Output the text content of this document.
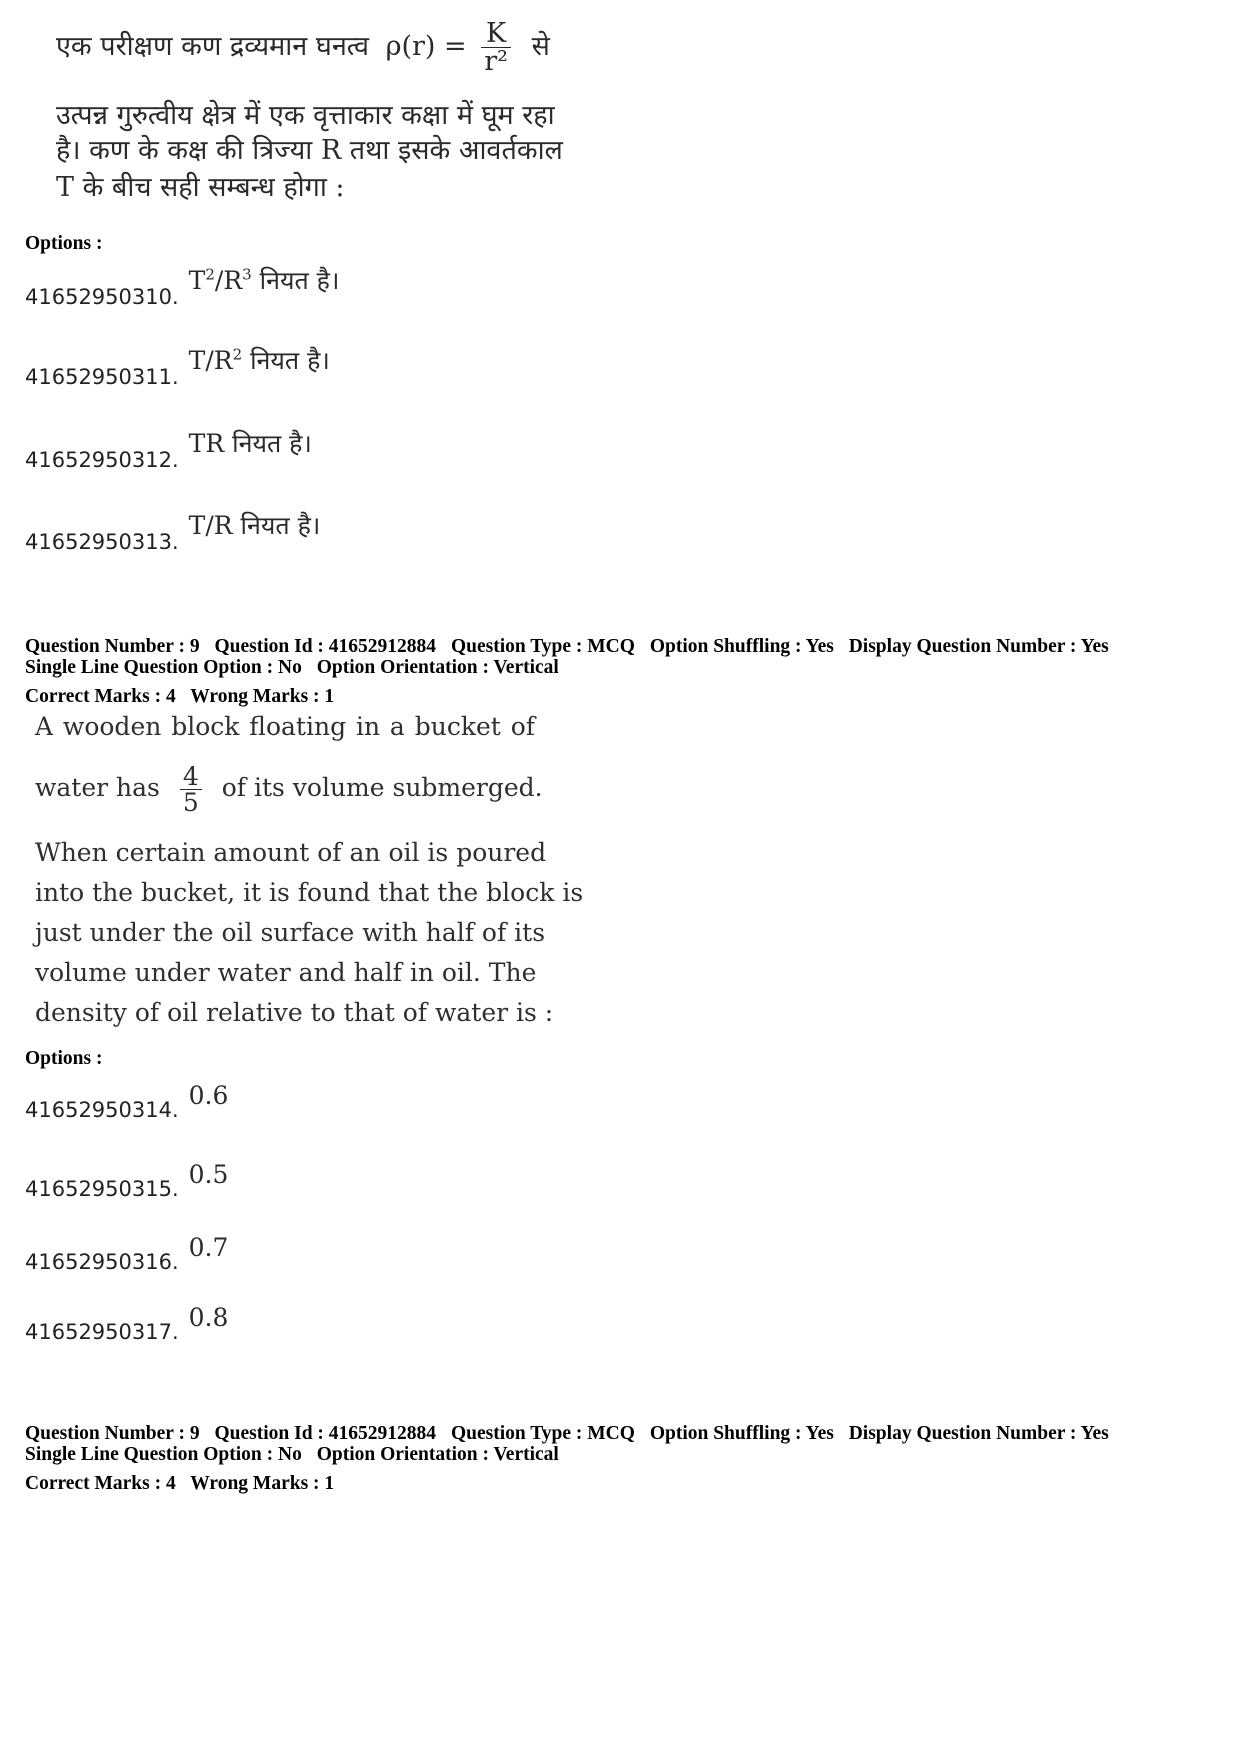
एक परीक्षण कण द्रव्यमान घनत्व $\rho(r) = \frac{K}{\text{r²}}$ से
उत्पन्न गुरुत्वीय क्षेत्र में एक वृत्ताकार कक्षा में घूम रहा
है। कण के कक्ष की त्रिज्या R तथा इसके आवर्तकाल
T के बीच सही सम्बन्ध होगा :
Options :
$41652950310.T^2/R^3$ नियत है।
$41652950311.T/R^2$ नियत है।
41652950312.TR नियत है।
41652950313.T/R नियत है।
Question Number : 9 Question Id : 41652912884 Question Type : MCQ Option Shuffling : Yes Display Question Number : Yes
Single Line Question Option : No Option Orientation : Vertical
Correct Marks : 4 Wrong Marks : 1
A wooden block floating in a bucket of
water has $\frac{4}{5}$ of its volume submerged.
When certain amount of an oil is poured
into the bucket, it is found that the block is
just under the oil surface with half of its
volume under water and half in oil. The
density of oil relative to that of water is :
Options :
41652950314. 0.6
41652950315. 0.5
41652950316. 0.7
41652950317. 0.8
Question Number : 9 Question Id : 41652912884 Question Type : MCQ Option Shuffling : Yes Display Question Number : Yes
Single Line Question Option : No Option Orientation : Vertical
Correct Marks : 4 Wrong Marks : 1
